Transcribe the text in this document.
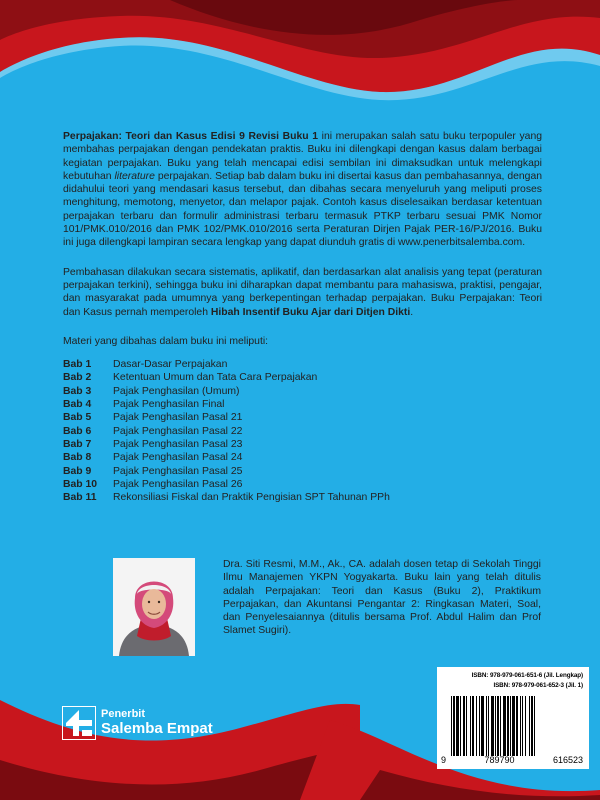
Perpajakan: Teori dan Kasus Edisi 9 Revisi Buku 1 ini merupakan salah satu buku terpopuler yang membahas perpajakan dengan pendekatan praktis. Buku ini dilengkapi dengan kasus dalam berbagai kegiatan perpajakan. Buku yang telah mencapai edisi sembilan ini dimaksudkan untuk melengkapi kebutuhan literature perpajakan. Setiap bab dalam buku ini disertai kasus dan pembahasannya, dengan didahului teori yang mendasari kasus tersebut, dan dibahas secara menyeluruh yang meliputi proses menghitung, memotong, menyetor, dan melapor pajak. Contoh kasus diselesaikan berdasar ketentuan perpajakan terbaru dan formulir administrasi terbaru termasuk PTKP terbaru sesuai PMK Nomor 101/PMK.010/2016 dan PMK 102/PMK.010/2016 serta Peraturan Dirjen Pajak PER-16/PJ/2016. Buku ini juga dilengkapi lampiran secara lengkap yang dapat diunduh gratis di www.penerbitsalemba.com.

Pembahasan dilakukan secara sistematis, aplikatif, dan berdasarkan alat analisis yang tepat (peraturan perpajakan terkini), sehingga buku ini diharapkan dapat membantu para mahasiswa, praktisi, pengajar, dan masyarakat pada umumnya yang berkepentingan terhadap perpajakan. Buku Perpajakan: Teori dan Kasus pernah memperoleh Hibah Insentif Buku Ajar dari Ditjen Dikti.

Materi yang dibahas dalam buku ini meliputi:

Bab 1	Dasar-Dasar Perpajakan
Bab 2	Ketentuan Umum dan Tata Cara Perpajakan
Bab 3	Pajak Penghasilan (Umum)
Bab 4	Pajak Penghasilan Final
Bab 5	Pajak Penghasilan Pasal 21
Bab 6	Pajak Penghasilan Pasal 22
Bab 7	Pajak Penghasilan Pasal 23
Bab 8	Pajak Penghasilan Pasal 24
Bab 9	Pajak Penghasilan Pasal 25
Bab 10	Pajak Penghasilan Pasal 26
Bab 11	Rekonsiliasi Fiskal dan Praktik Pengisian SPT Tahunan PPh
Dra. Siti Resmi, M.M., Ak., CA. adalah dosen tetap di Sekolah Tinggi Ilmu Manajemen YKPN Yogyakarta. Buku lain yang telah ditulis adalah Perpajakan: Teori dan Kasus (Buku 2), Praktikum Perpajakan, dan Akuntansi Pengantar 2: Ringkasan Materi, Soal, dan Penyelesaiannya (ditulis bersama Prof. Abdul Halim dan Prof Slamet Sugiri).
ISBN: 978-979-061-651-6 (Jil. Lengkap)
ISBN: 978-979-061-652-3 (Jil. 1)
9	789790	616523
Penerbit
Salemba Empat
